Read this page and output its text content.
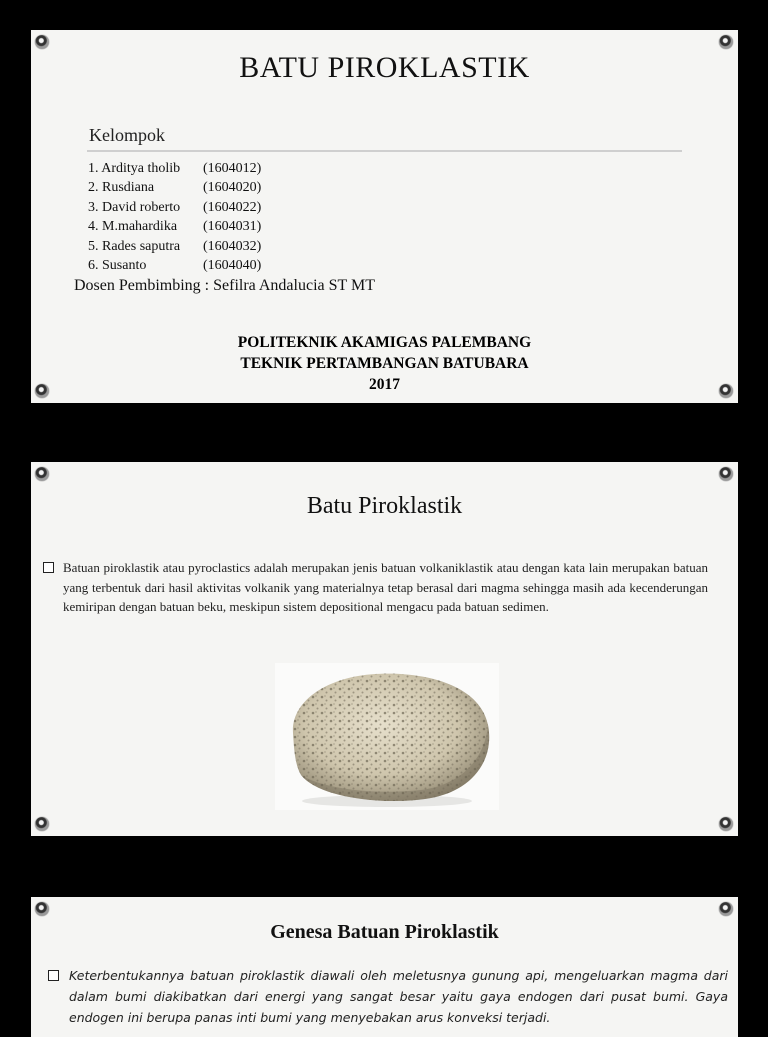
BATU PIROKLASTIK
Kelompok
1. Arditya tholib	(1604012)
2. Rusdiana	(1604020)
3. David roberto	(1604022)
4. M.mahardika	(1604031)
5. Rades saputra	(1604032)
6. Susanto	(1604040)
Dosen Pembimbing : Sefilra Andalucia ST MT
POLITEKNIK AKAMIGAS PALEMBANG
TEKNIK PERTAMBANGAN BATUBARA
2017
Batu Piroklastik
Batuan piroklastik atau pyroclastics adalah merupakan jenis batuan volkaniklastik atau dengan kata lain merupakan batuan yang terbentuk dari hasil aktivitas volkanik yang materialnya tetap berasal dari magma sehingga masih ada kecenderungan kemiripan dengan batuan beku, meskipun sistem depositional mengacu pada batuan sedimen.
Genesa Batuan Piroklastik
Keterbentukannya batuan piroklastik diawali oleh meletusnya gunung api, mengeluarkan magma dari dalam bumi diakibatkan dari energi yang sangat besar yaitu gaya endogen dari pusat bumi. Gaya endogen ini berupa panas inti bumi yang menyebakan arus konveksi terjadi.
